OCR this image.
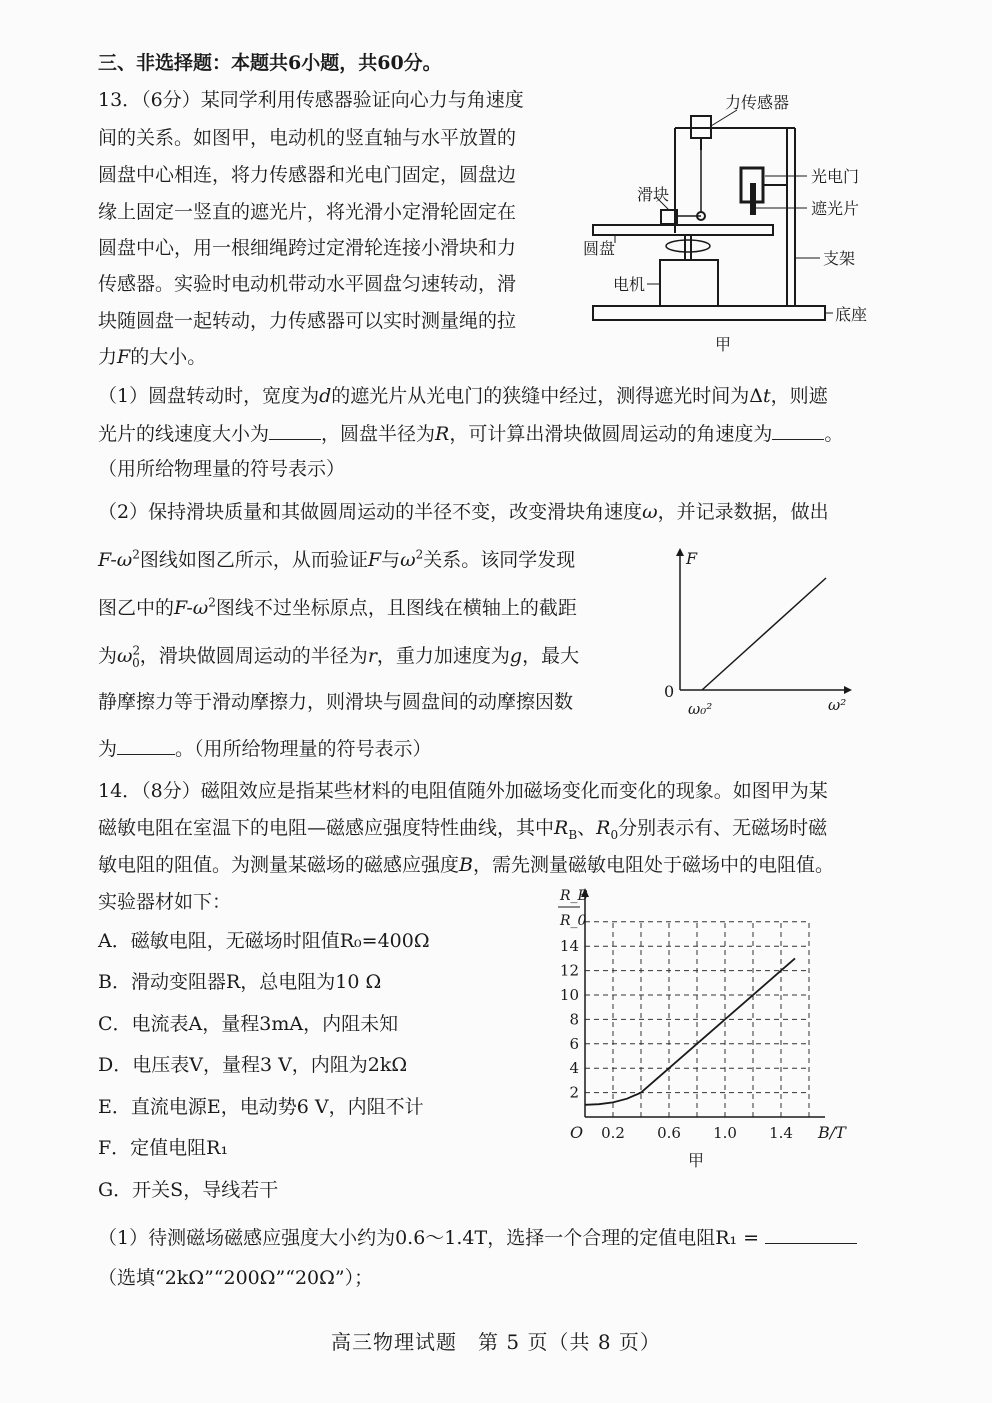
三、非选择题：本题共6小题，共60分。
13．（6分）某同学利用传感器验证向心力与角速度
间的关系。如图甲，电动机的竖直轴与水平放置的
圆盘中心相连，将力传感器和光电门固定，圆盘边
缘上固定一竖直的遮光片，将光滑小定滑轮固定在
圆盘中心，用一根细绳跨过定滑轮连接小滑块和力
传感器。实验时电动机带动水平圆盘匀速转动，滑
块随圆盘一起转动，力传感器可以实时测量绳的拉
力F的大小。
力传感器
光电门
遮光片
滑块
圆盘
支架
电机
底座
甲
（1）圆盘转动时，宽度为d的遮光片从光电门的狭缝中经过，测得遮光时间为Δt，则遮
光片的线速度大小为	，圆盘半径为R，可计算出滑块做圆周运动的角速度为	。
（用所给物理量的符号表示）
（2）保持滑块质量和其做圆周运动的半径不变，改变滑块角速度ω，并记录数据，做出
$F-\omega^2$图线如图乙所示，从而验证F与$\omega^2$关系。该同学发现
图乙中的$F-\omega^2$图线不过坐标原点，且图线在横轴上的截距
为$\omega^2_0$，滑块做圆周运动的半径为r，重力加速度为g，最大
静摩擦力等于滑动摩擦力，则滑块与圆盘间的动摩擦因数
为	。（用所给物理量的符号表示）
F
0
ω₀²	ω²
14．（8分）磁阻效应是指某些材料的电阻值随外加磁场变化而变化的现象。如图甲为某
磁敏电阻在室温下的电阻—磁感应强度特性曲线，其中$R_B$、$R_0$分别表示有、无磁场时磁
敏电阻的阻值。为测量某磁场的磁感应强度B，需先测量磁敏电阻处于磁场中的电阻值。
实验器材如下：
A．磁敏电阻，无磁场时阻值R₀=400Ω
B．滑动变阻器R，总电阻为10 Ω
C．电流表A，量程3mA，内阻未知
D．电压表V，量程3 V，内阻为2kΩ
E．直流电源E，电动势6 V，内阻不计
F．定值电阻R₁
G．开关S，导线若干
2
4
6
8
10
12
14
0.2 0.6 1.0 1.4
R_B
R_0
O	B/T
甲
（1）待测磁场磁感应强度大小约为0.6～1.4T，选择一个合理的定值电阻R₁ =
（选填“2kΩ”“200Ω”“20Ω”）；
高三物理试题　第 5 页（共 8 页）
